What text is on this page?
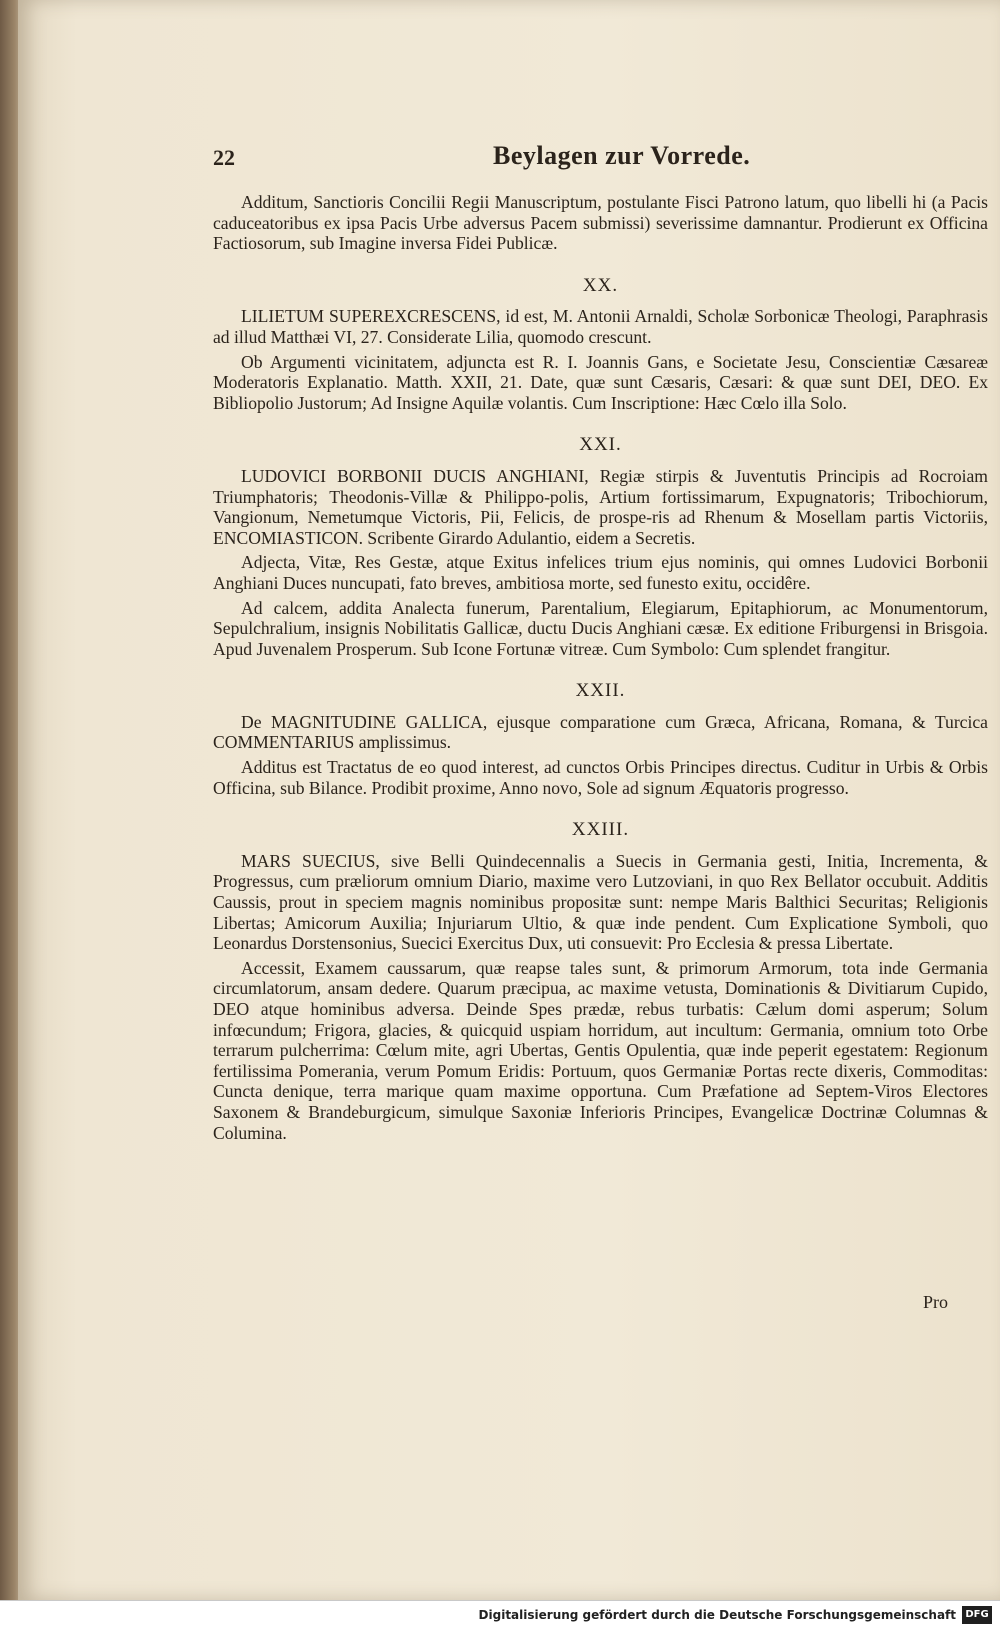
22	Beylagen zur Vorrede.

Additum, Sanctioris Concilii Regii Manuscriptum, postulante Fisci Patrono latum, quo libelli hi (a Pacis caduceatoribus ex ipsa Pacis Urbe adversus Pacem submissi) severissime damnantur. Prodierunt ex Officina Factiosorum, sub Imagine inversa Fidei Publicæ.

XX.

LILIETUM SUPEREXCRESCENS, id est, M. Antonii Arnaldi, Scholæ Sorbonicæ Theologi, Paraphrasis ad illud Matthæi VI, 27. Considerate Lilia, quomodo crescunt.

Ob Argumenti vicinitatem, adjuncta est R. I. Joannis Gans, e Societate Jesu, Conscientiæ Cæsareæ Moderatoris Explanatio. Matth. XXII, 21. Date, quæ sunt Cæsaris, Cæsari: & quæ sunt DEI, DEO. Ex Bibliopolio Justorum; Ad Insigne Aquilæ volantis. Cum Inscriptione: Hæc Cœlo illa Solo.

XXI.

LUDOVICI BORBONII DUCIS ANGHIANI, Regiæ stirpis & Juventutis Principis ad Rocroiam Triumphatoris; Theodonis-Villæ & Philippo-polis, Artium fortissimarum, Expugnatoris; Tribochiorum, Vangionum, Nemetumque Victoris, Pii, Felicis, de prospe-ris ad Rhenum & Mosellam partis Victoriis, ENCOMIASTICON. Scribente Girardo Adulantio, eidem a Secretis.

Adjecta, Vitæ, Res Gestæ, atque Exitus infelices trium ejus nominis, qui omnes Ludovici Borbonii Anghiani Duces nuncupati, fato breves, ambitiosa morte, sed funesto exitu, occidêre.

Ad calcem, addita Analecta funerum, Parentalium, Elegiarum, Epitaphiorum, ac Monumentorum, Sepulchralium, insignis Nobilitatis Gallicæ, ductu Ducis Anghiani cæsæ. Ex editione Friburgensi in Brisgoia. Apud Juvenalem Prosperum. Sub Icone Fortunæ vitreæ. Cum Symbolo: Cum splendet frangitur.

XXII.

De MAGNITUDINE GALLICA, ejusque comparatione cum Græca, Africana, Romana, & Turcica COMMENTARIUS amplissimus.

Additus est Tractatus de eo quod interest, ad cunctos Orbis Principes directus. Cuditur in Urbis & Orbis Officina, sub Bilance. Prodibit proxime, Anno novo, Sole ad signum Æquatoris progresso.

XXIII.

MARS SUECIUS, sive Belli Quindecennalis a Suecis in Germania gesti, Initia, Incrementa, & Progressus, cum præliorum omnium Diario, maxime vero Lutzoviani, in quo Rex Bellator occubuit. Additis Caussis, prout in speciem magnis nominibus propositæ sunt: nempe Maris Balthici Securitas; Religionis Libertas; Amicorum Auxilia; Injuriarum Ultio, & quæ inde pendent. Cum Explicatione Symboli, quo Leonardus Dorstensonius, Suecici Exercitus Dux, uti consuevit: Pro Ecclesia & pressa Libertate.

Accessit, Examem caussarum, quæ reapse tales sunt, & primorum Armorum, tota inde Germania circumlatorum, ansam dedere. Quarum præcipua, ac maxime vetusta, Dominationis & Divitiarum Cupido, DEO atque hominibus adversa. Deinde Spes prædæ, rebus turbatis: Cælum domi asperum; Solum infœcundum; Frigora, glacies, & quicquid uspiam horridum, aut incultum: Germania, omnium toto Orbe terrarum pulcherrima: Cœlum mite, agri Ubertas, Gentis Opulentia, quæ inde peperit egestatem: Regionum fertilissima Pomerania, verum Pomum Eridis: Portuum, quos Germaniæ Portas recte dixeris, Commoditas: Cuncta denique, terra marique quam maxime opportuna. Cum Præfatione ad Septem-Viros Electores Saxonem & Brandeburgicum, simulque Saxoniæ Inferioris Principes, Evangelicæ Doctrinæ Columnas & Columina.

Pro
Digitalisierung gefördert durch die Deutsche Forschungsgemeinschaft DFG
